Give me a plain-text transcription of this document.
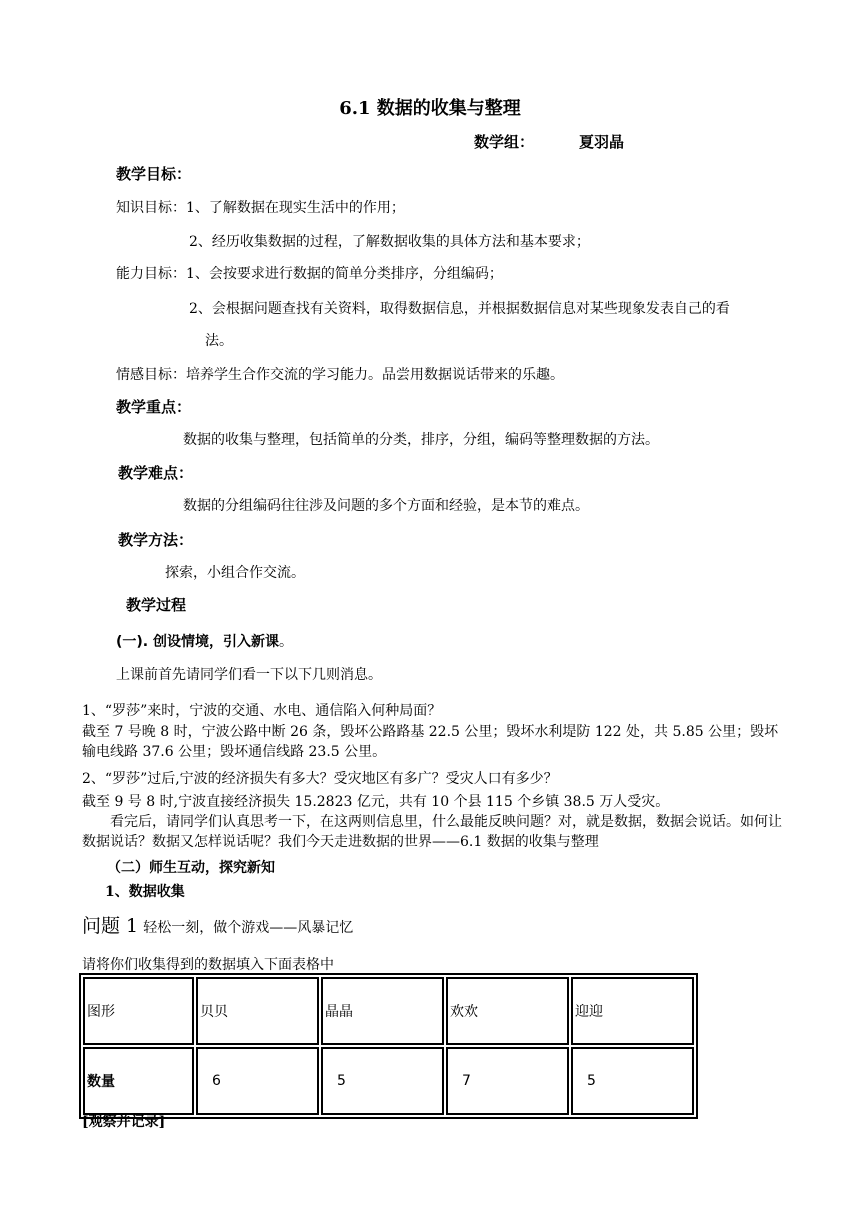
6.1 数据的收集与整理
数学组：	夏羽晶
教学目标：
知识目标：1、了解数据在现实生活中的作用；
2、经历收集数据的过程，了解数据收集的具体方法和基本要求；
能力目标：1、会按要求进行数据的简单分类排序，分组编码；
2、会根据问题查找有关资料，取得数据信息，并根据数据信息对某些现象发表自己的看
法。
情感目标：培养学生合作交流的学习能力。品尝用数据说话带来的乐趣。
教学重点：
数据的收集与整理，包括简单的分类，排序，分组，编码等整理数据的方法。
教学难点：
数据的分组编码往往涉及问题的多个方面和经验，是本节的难点。
教学方法：
探索，小组合作交流。
教学过程
(一). 创设情境，引入新课。
上课前首先请同学们看一下以下几则消息。
1、“罗莎”来时，宁波的交通、水电、通信陷入何种局面？
截至 7 号晚 8 时，宁波公路中断 26 条，毁坏公路路基 22.5 公里；毁坏水利堤防 122 处，共 5.85 公里；毁坏输电线路 37.6 公里；毁坏通信线路 23.5 公里。
2、“罗莎”过后,宁波的经济损失有多大？受灾地区有多广？受灾人口有多少？
截至 9 号 8 时,宁波直接经济损失 15.2823 亿元，共有 10 个县 115 个乡镇 38.5 万人受灾。
看完后，请同学们认真思考一下，在这两则信息里，什么最能反映问题？对，就是数据，数据会说话。如何让数据说话？数据又怎样说话呢？我们今天走进数据的世界——6.1 数据的收集与整理
（二）师生互动，探究新知
1、数据收集
问题 1 轻松一刻，做个游戏——风暴记忆
请将你们收集得到的数据填入下面表格中
图形	贝贝	晶晶	欢欢	迎迎
数量	6	5	7	5
[观察并记录]
